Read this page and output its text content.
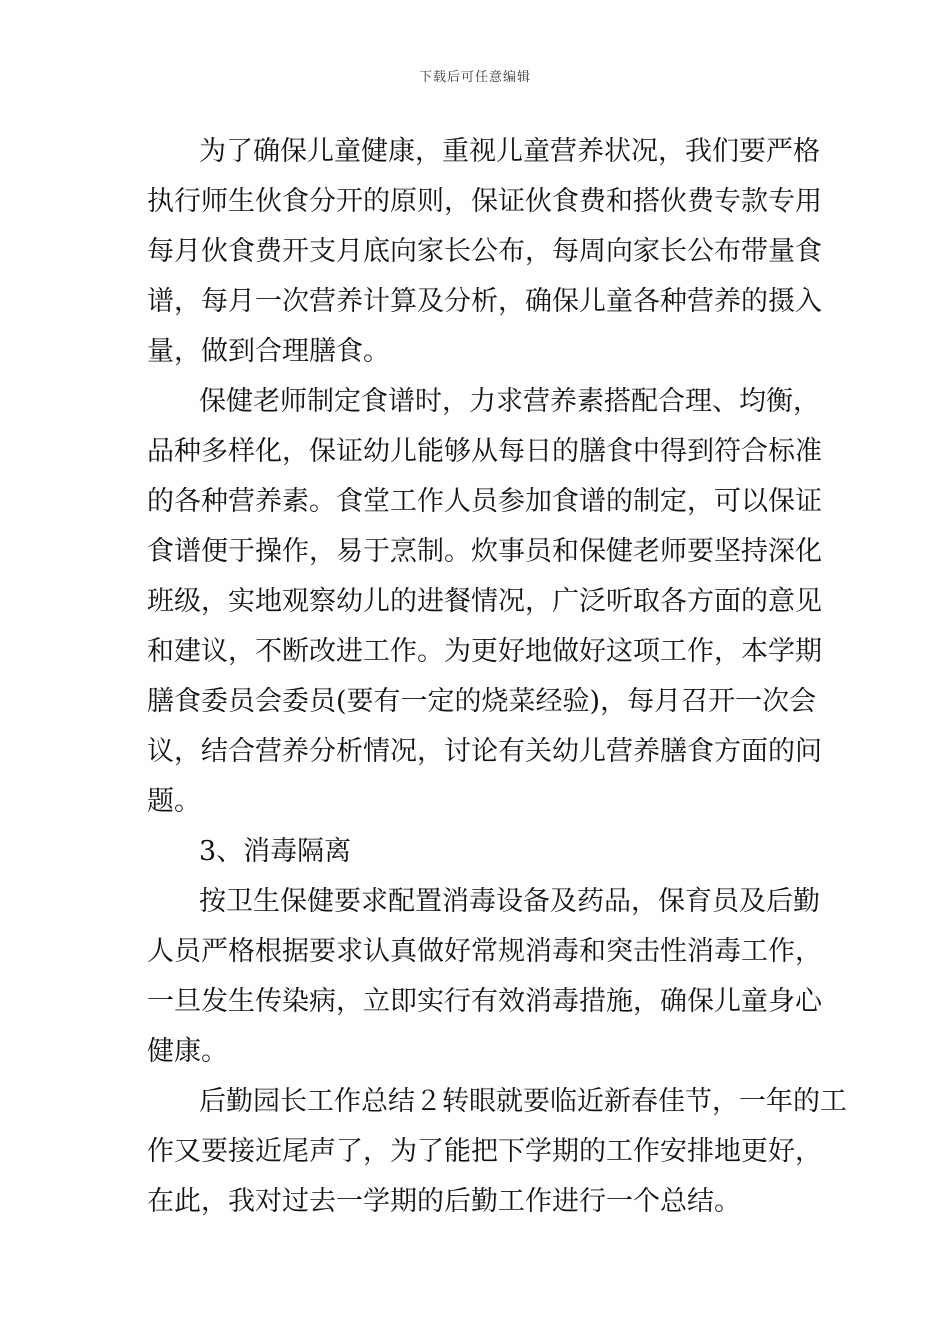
下载后可任意编辑
为了确保儿童健康，重视儿童营养状况，我们要严格
执行师生伙食分开的原则，保证伙食费和搭伙费专款专用
每月伙食费开支月底向家长公布，每周向家长公布带量食
谱，每月一次营养计算及分析，确保儿童各种营养的摄入
量，做到合理膳食。
保健老师制定食谱时，力求营养素搭配合理、均衡，
品种多样化，保证幼儿能够从每日的膳食中得到符合标准
的各种营养素。食堂工作人员参加食谱的制定，可以保证
食谱便于操作，易于烹制。炊事员和保健老师要坚持深化
班级，实地观察幼儿的进餐情况，广泛听取各方面的意见
和建议，不断改进工作。为更好地做好这项工作，本学期
膳食委员会委员(要有一定的烧菜经验)，每月召开一次会
议，结合营养分析情况，讨论有关幼儿营养膳食方面的问
题。
3、消毒隔离
按卫生保健要求配置消毒设备及药品，保育员及后勤
人员严格根据要求认真做好常规消毒和突击性消毒工作，
一旦发生传染病，立即实行有效消毒措施，确保儿童身心
健康。
后勤园长工作总结２转眼就要临近新春佳节，一年的工
作又要接近尾声了，为了能把下学期的工作安排地更好，
在此，我对过去一学期的后勤工作进行一个总结。
